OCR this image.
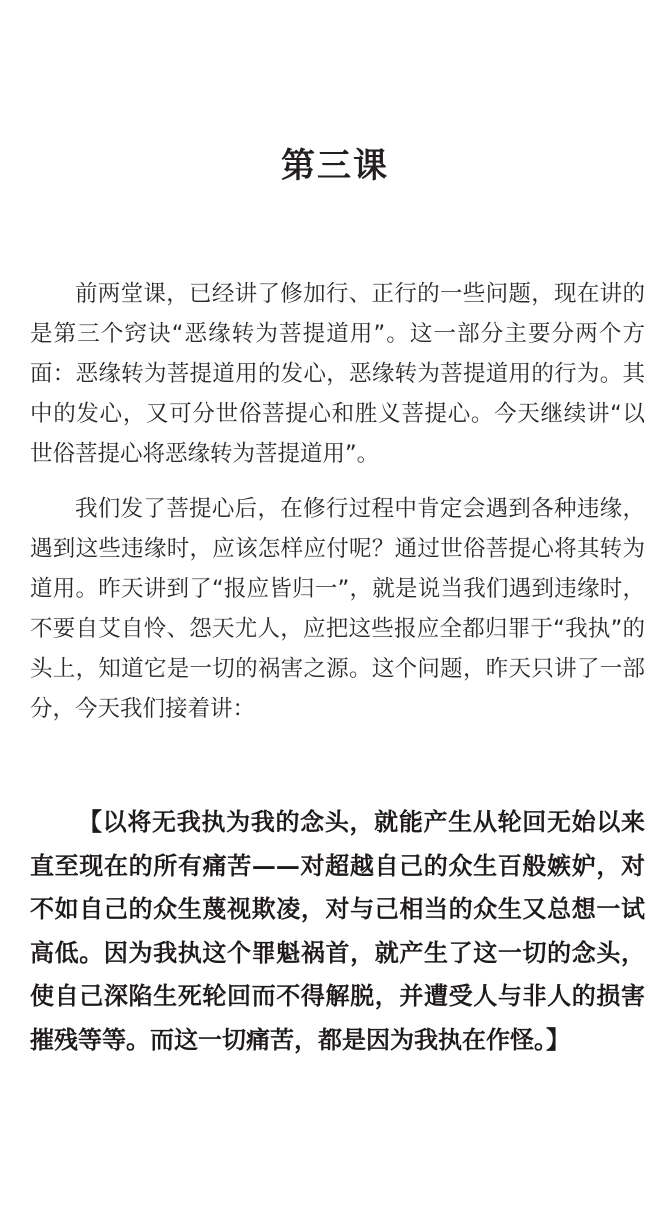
第三课

前两堂课，已经讲了修加行、正行的一些问题，现在讲的是第三个窍诀“恶缘转为菩提道用”。这一部分主要分两个方面：恶缘转为菩提道用的发心，恶缘转为菩提道用的行为。其中的发心，又可分世俗菩提心和胜义菩提心。今天继续讲“以世俗菩提心将恶缘转为菩提道用”。

我们发了菩提心后，在修行过程中肯定会遇到各种违缘，遇到这些违缘时，应该怎样应付呢？通过世俗菩提心将其转为道用。昨天讲到了“报应皆归一”，就是说当我们遇到违缘时，不要自艾自怜、怨天尤人，应把这些报应全都归罪于“我执”的头上，知道它是一切的祸害之源。这个问题，昨天只讲了一部分，今天我们接着讲：

【以将无我执为我的念头，就能产生从轮回无始以来直至现在的所有痛苦——对超越自己的众生百般嫉妒，对不如自己的众生蔑视欺凌，对与己相当的众生又总想一试高低。因为我执这个罪魁祸首，就产生了这一切的念头，使自己深陷生死轮回而不得解脱，并遭受人与非人的损害摧残等等。而这一切痛苦，都是因为我执在作怪。】
